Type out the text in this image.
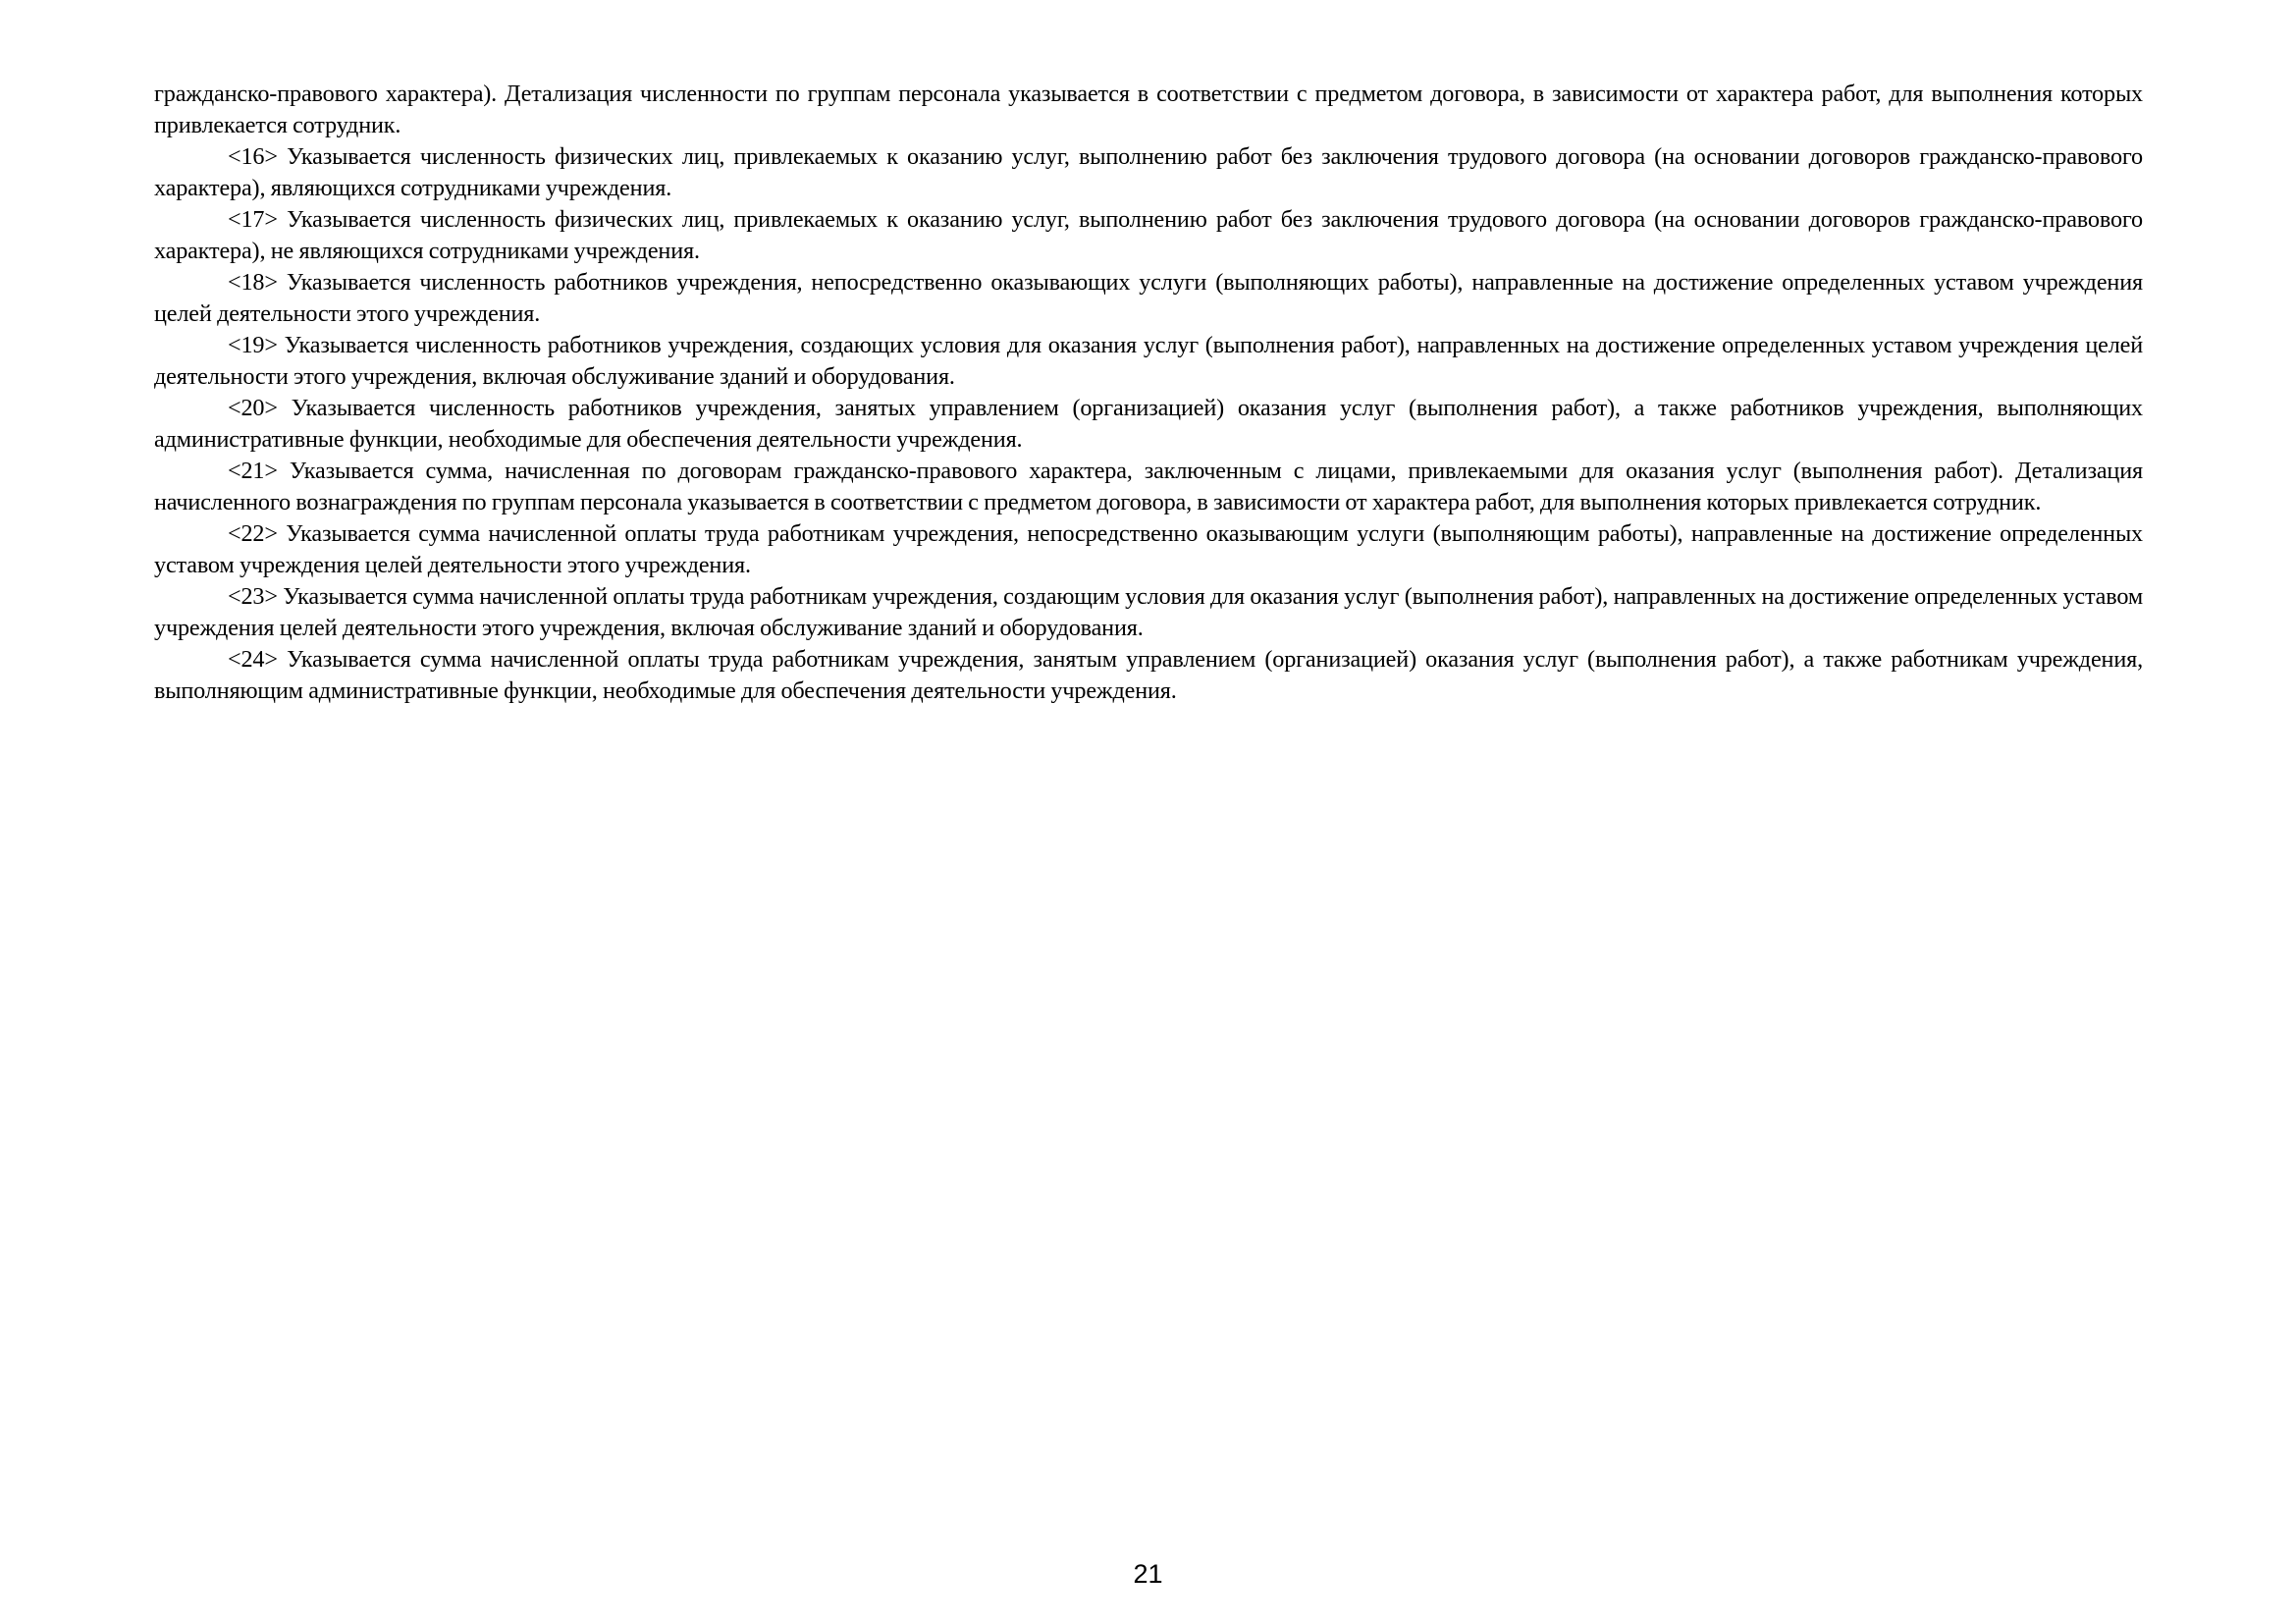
гражданско-правового характера). Детализация численности по группам персонала указывается в соответствии с предметом договора, в зависимости от характера работ, для выполнения которых привлекается сотрудник.

<16> Указывается численность физических лиц, привлекаемых к оказанию услуг, выполнению работ без заключения трудового договора (на основании договоров гражданско-правового характера), являющихся сотрудниками учреждения.

<17> Указывается численность физических лиц, привлекаемых к оказанию услуг, выполнению работ без заключения трудового договора (на основании договоров гражданско-правового характера), не являющихся сотрудниками учреждения.

<18> Указывается численность работников учреждения, непосредственно оказывающих услуги (выполняющих работы), направленные на достижение определенных уставом учреждения целей деятельности этого учреждения.

<19> Указывается численность работников учреждения, создающих условия для оказания услуг (выполнения работ), направленных на достижение определенных уставом учреждения целей деятельности этого учреждения, включая обслуживание зданий и оборудования.

<20> Указывается численность работников учреждения, занятых управлением (организацией) оказания услуг (выполнения работ), а также работников учреждения, выполняющих административные функции, необходимые для обеспечения деятельности учреждения.

<21> Указывается сумма, начисленная по договорам гражданско-правового характера, заключенным с лицами, привлекаемыми для оказания услуг (выполнения работ). Детализация начисленного вознаграждения по группам персонала указывается в соответствии с предметом договора, в зависимости от характера работ, для выполнения которых привлекается сотрудник.

<22> Указывается сумма начисленной оплаты труда работникам учреждения, непосредственно оказывающим услуги (выполняющим работы), направленные на достижение определенных уставом учреждения целей деятельности этого учреждения.

<23> Указывается сумма начисленной оплаты труда работникам учреждения, создающим условия для оказания услуг (выполнения работ), направленных на достижение определенных уставом учреждения целей деятельности этого учреждения, включая обслуживание зданий и оборудования.

<24> Указывается сумма начисленной оплаты труда работникам учреждения, занятым управлением (организацией) оказания услуг (выполнения работ), а также работникам учреждения, выполняющим административные функции, необходимые для обеспечения деятельности учреждения.

21
